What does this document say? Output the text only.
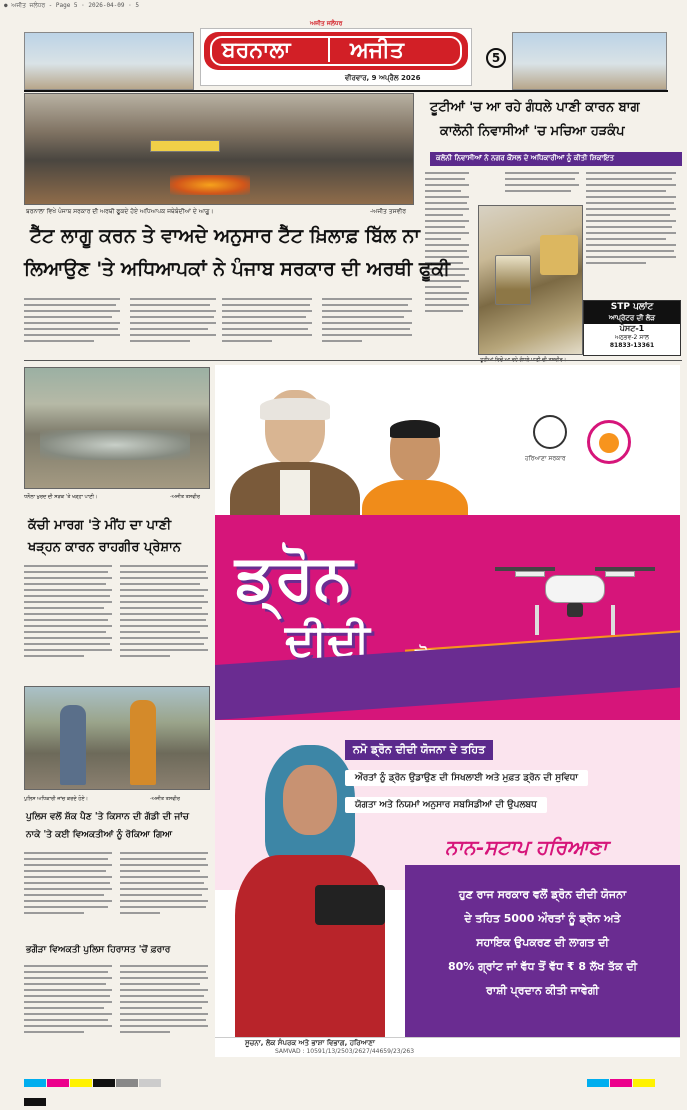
● ਅਜੀਤ ਜਲੰਧਰ - Page 5 · 2026-04-09 · 5
ਅਜੀਤ ਜਲੰਧਰ
ਬਰਨਾਲਾ	ਅਜੀਤ
ਵੀਰਵਾਰ, 9 ਅਪ੍ਰੈਲ 2026
5
ਬਰਨਾਲਾ ਵਿਖੇ ਪੰਜਾਬ ਸਰਕਾਰ ਦੀ ਅਰਥੀ ਫੂਕਦੇ ਹੋਏ ਅਧਿਆਪਕ ਜਥੇਬੰਦੀਆਂ ਦੇ ਆਗੂ।	-ਅਜੀਤ ਤਸਵੀਰ
ਟੂਟੀਆਂ 'ਚ ਆ ਰਹੇ ਗੰਧਲੇ ਪਾਣੀ ਕਾਰਨ ਬਾਗ
ਕਾਲੋਨੀ ਨਿਵਾਸੀਆਂ 'ਚ ਮਚਿਆ ਹੜਕੰਪ
ਕਲੋਨੀ ਨਿਵਾਸੀਆਂ ਨੇ ਨਗਰ ਕੌਂਸਲ ਦੇ ਅਧਿਕਾਰੀਆਂ ਨੂੰ ਕੀਤੀ ਸ਼ਿਕਾਇਤ
STP ਪਲਾਂਟ
ਆਪ੍ਰੇਟਰ ਦੀ ਲੋੜ
ਪੋਸਟ-1
ਅਨੁਭਵ-2 ਸਾਲ
81833-13361
ਟੈੱਟ ਲਾਗੂ ਕਰਨ ਤੇ ਵਾਅਦੇ ਅਨੁਸਾਰ ਟੈੱਟ ਖ਼ਿਲਾਫ਼ ਬਿੱਲ ਨਾ
ਲਿਆਉਣ 'ਤੇ ਅਧਿਆਪਕਾਂ ਨੇ ਪੰਜਾਬ ਸਰਕਾਰ ਦੀ ਅਰਥੀ ਫੂਕੀ
ਧਨੌਲਾ ਖੁਰਦ ਦੀ ਸੜਕ 'ਤੇ ਖੜ੍ਹਾ ਪਾਣੀ।	-ਅਜੀਤ ਤਸਵੀਰ
ਕੱਚੀ ਮਾਰਗ 'ਤੇ ਮੀਂਹ ਦਾ ਪਾਣੀ
ਖੜ੍ਹਨ ਕਾਰਨ ਰਾਹਗੀਰ ਪ੍ਰੇਸ਼ਾਨ
ਪੁਲਿਸ ਅਧਿਕਾਰੀ ਜਾਂਚ ਕਰਦੇ ਹੋਏ।	-ਅਜੀਤ ਤਸਵੀਰ
ਪੁਲਿਸ ਵਲੋਂ ਸ਼ੱਕ ਪੈਣ 'ਤੇ ਕਿਸਾਨ ਦੀ ਗੱਡੀ ਦੀ ਜਾਂਚ
ਨਾਕੇ 'ਤੇ ਕਈ ਵਿਅਕਤੀਆਂ ਨੂੰ ਰੋਕਿਆ ਗਿਆ
ਭਗੌੜਾ ਵਿਅਕਤੀ ਪੁਲਿਸ ਹਿਰਾਸਤ 'ਚੋਂ ਫ਼ਰਾਰ
ਹਰਿਆਣਾ ਸਰਕਾਰ
ਡ੍ਰੋਨ
ਦੀਦੀ
ਨਮੋ ਡ੍ਰੋਨ ਦੀਦੀ ਯੋਜਨਾ ਦੇ ਤਹਿਤ
ਔਰਤਾਂ ਨੂੰ ਡ੍ਰੋਨ ਉਡਾਉਣ ਦੀ ਸਿਖਲਾਈ ਅਤੇ ਮੁਫ਼ਤ ਡ੍ਰੋਨ ਦੀ ਸੁਵਿਧਾ
ਯੋਗਤਾ ਅਤੇ ਨਿਯਮਾਂ ਅਨੁਸਾਰ ਸਬਸਿਡੀਆਂ ਦੀ ਉਪਲਬਧ
ਨਾਨ-ਸਟਾਪ ਹਰਿਆਣਾ
ਹੁਣ ਰਾਜ ਸਰਕਾਰ ਵਲੋਂ ਡ੍ਰੋਨ ਦੀਦੀ ਯੋਜਨਾ
ਦੇ ਤਹਿਤ 5000 ਔਰਤਾਂ ਨੂੰ ਡ੍ਰੋਨ ਅਤੇ
ਸਹਾਇਕ ਉਪਕਰਣ ਦੀ ਲਾਗਤ ਦੀ
80% ਗ੍ਰਾਂਟ ਜਾਂ ਵੱਧ ਤੋਂ ਵੱਧ ₹ 8 ਲੱਖ ਤੱਕ ਦੀ
ਰਾਸ਼ੀ ਪ੍ਰਦਾਨ ਕੀਤੀ ਜਾਵੇਗੀ
ਸੂਚਨਾ, ਲੋਕ ਸੰਪਰਕ ਅਤੇ ਭਾਸ਼ਾ ਵਿਭਾਗ, ਹਰਿਆਣਾ
SAMVAD : 10591/13/2503/2627/44659/23/263
